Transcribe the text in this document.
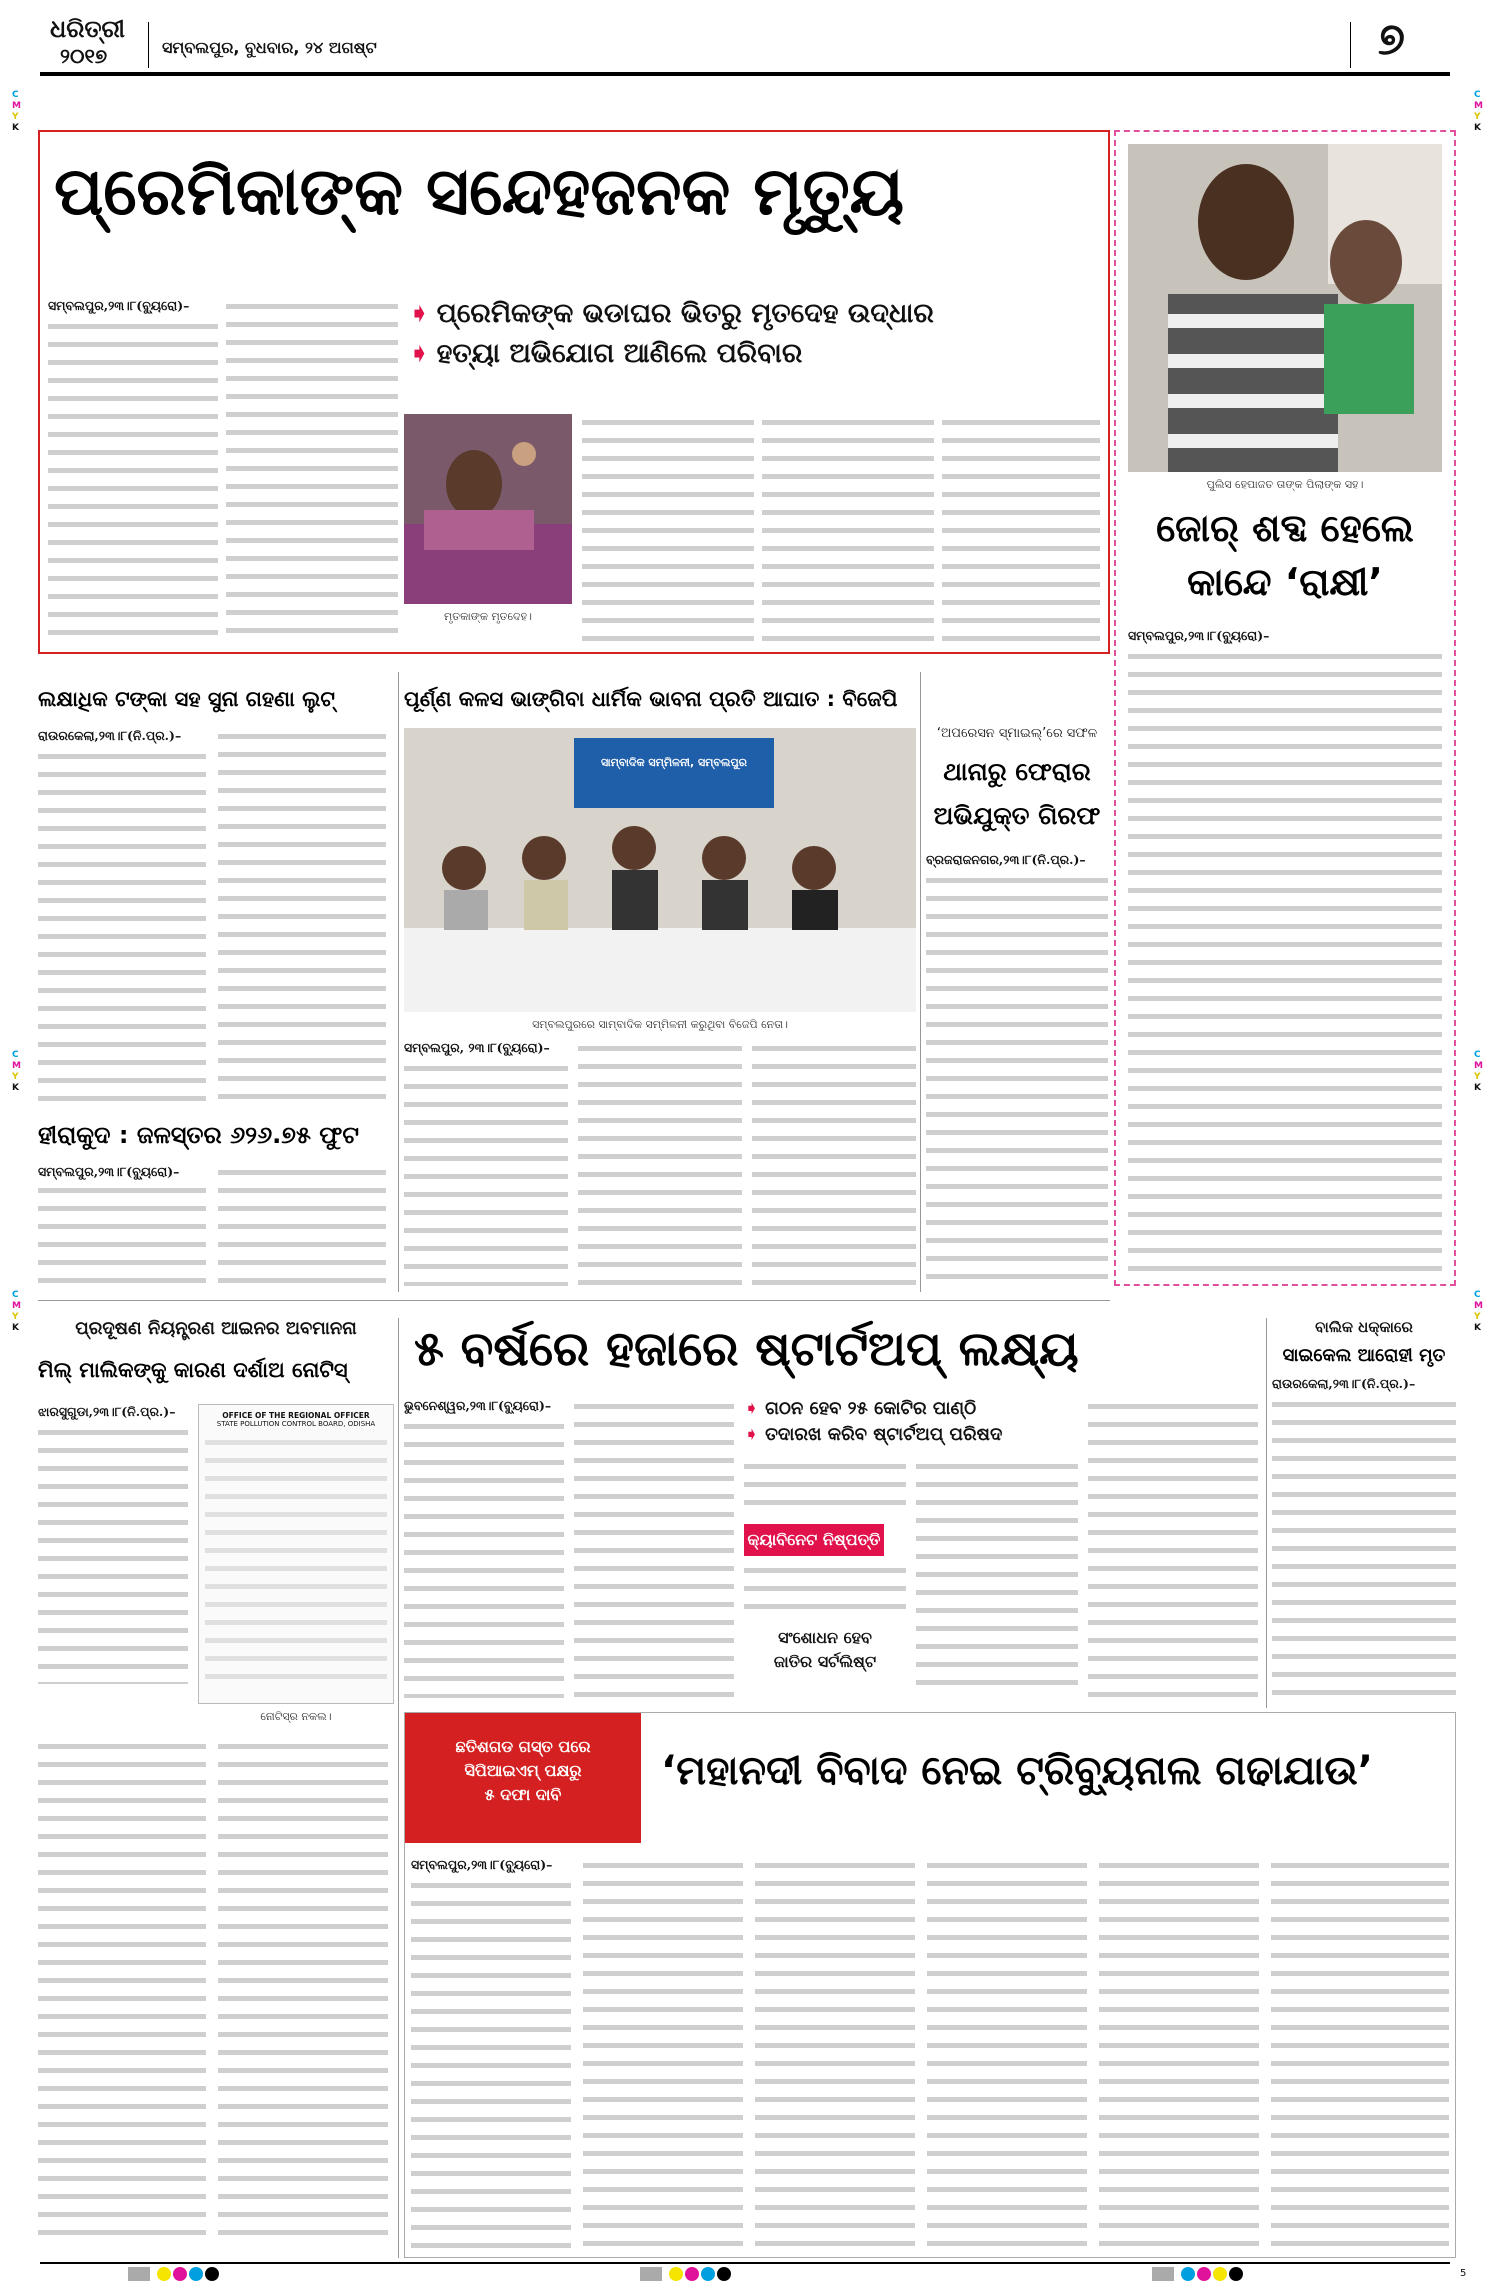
ଧରିତ୍ରୀ
୨୦୧୭	ସମ୍ବଲପୁର, ବୁଧବାର, ୨୪ ଅଗଷ୍ଟ	୭
C
M
Y
K
C
M
Y
K
C
M
Y
K
C
M
Y
K
C
M
Y
K
C
M
Y
K
ପ୍ରେମିକାଙ୍କ ସନ୍ଦେହଜନକ ମୃତ୍ୟୁ
➧ ପ୍ରେମିକଙ୍କ ଭଡାଘର ଭିତରୁ ମୃତଦେହ ଉଦ୍ଧାର
➧ ହତ୍ୟା ଅଭିଯୋଗ ଆଣିଲେ ପରିବାର
ସମ୍ବଲପୁର,୨୩।୮(ବ୍ୟୁରୋ)–
ମୃତକାଙ୍କ ମୃତଦେହ।
ପୁଲିସ ହେପାଜତ ତାଙ୍କ ପିଲାଙ୍କ ସହ।
ଜୋର୍ ଶବ୍ଦ ହେଲେ
କାନ୍ଦେ ‘ରାକ୍ଷୀ’
ସମ୍ବଲପୁର,୨୩।୮(ବ୍ୟୁରୋ)–
ଲକ୍ଷାଧିକ ଟଙ୍କା ସହ ସୁନା ଗହଣା ଲୁଟ୍
ରାଉରକେଲା,୨୩।୮(ନି.ପ୍ର.)–
ହୀରାକୁଦ : ଜଳସ୍ତର ୬୨୬.୭୫ ଫୁଟ
ସମ୍ବଲପୁର,୨୩।୮(ବ୍ୟୁରୋ)–
ପୂର୍ଣ୍ଣ କଳସ ଭାଙ୍ଗିବା ଧାର୍ମିକ ଭାବନା ପ୍ରତି ଆଘାତ : ବିଜେପି
ସାମ୍ବାଦିକ ସମ୍ମିଳନୀ, ସମ୍ବଲପୁର
ସମ୍ବଲପୁରରେ ସାମ୍ବାଦିକ ସମ୍ମିଳନୀ କରୁଥିବା ବିଜେପି ନେତା।
ସମ୍ବଲପୁର, ୨୩।୮(ବ୍ୟୁରୋ)–
‘ଅପରେସନ ସ୍ମାଇଲ୍’ରେ ସଫଳ
ଥାନାରୁ ଫେରାର
ଅଭିଯୁକ୍ତ ଗିରଫ
ବ୍ରଜରାଜନଗର,୨୩।୮(ନି.ପ୍ର.)–
ପ୍ରଦୂଷଣ ନିୟନ୍ତ୍ରଣ ଆଇନର ଅବମାନନା
ମିଲ୍ ମାଲିକଙ୍କୁ କାରଣ ଦର୍ଶାଅ ନୋଟିସ୍
ଝାରସୁଗୁଡା,୨୩।୮(ନି.ପ୍ର.)–	OFFICE OF THE REGIONAL OFFICER
STATE POLLUTION CONTROL BOARD, ODISHA
ନୋଟିସ୍ର ନକଲ।
୫ ବର୍ଷରେ ହଜାରେ ଷ୍ଟାର୍ଟଅପ୍ ଲକ୍ଷ୍ୟ
ଭୁବନେଶ୍ୱର,୨୩।୮(ବ୍ୟୁରୋ)–	➧ ଗଠନ ହେବ ୨୫ କୋଟିର ପାଣ୍ଠି
➧ ତଦାରଖ କରିବ ଷ୍ଟାର୍ଟଅପ୍ ପରିଷଦ
କ୍ୟାବିନେଟ ନିଷ୍ପତ୍ତି
ସଂଶୋଧନ ହେବ
ଜାତିର ସର୍ଟଲିଷ୍ଟ
ବାଲିକ ଧକ୍କାରେ
ସାଇକେଲ ଆରୋହୀ ମୃତ
ରାଉରକେଲା,୨୩।୮(ନି.ପ୍ର.)–
ଛତିଶଗଡ ଗସ୍ତ ପରେ
ସିପିଆଇଏମ୍ ପକ୍ଷରୁ
୫ ଦଫା ଦାବି
‘ମହାନଦୀ ବିବାଦ ନେଇ ଟ୍ରିବ୍ୟୁନାଲ ଗଢାଯାଉ’
ସମ୍ବଲପୁର,୨୩।୮(ବ୍ୟୁରୋ)–

5
